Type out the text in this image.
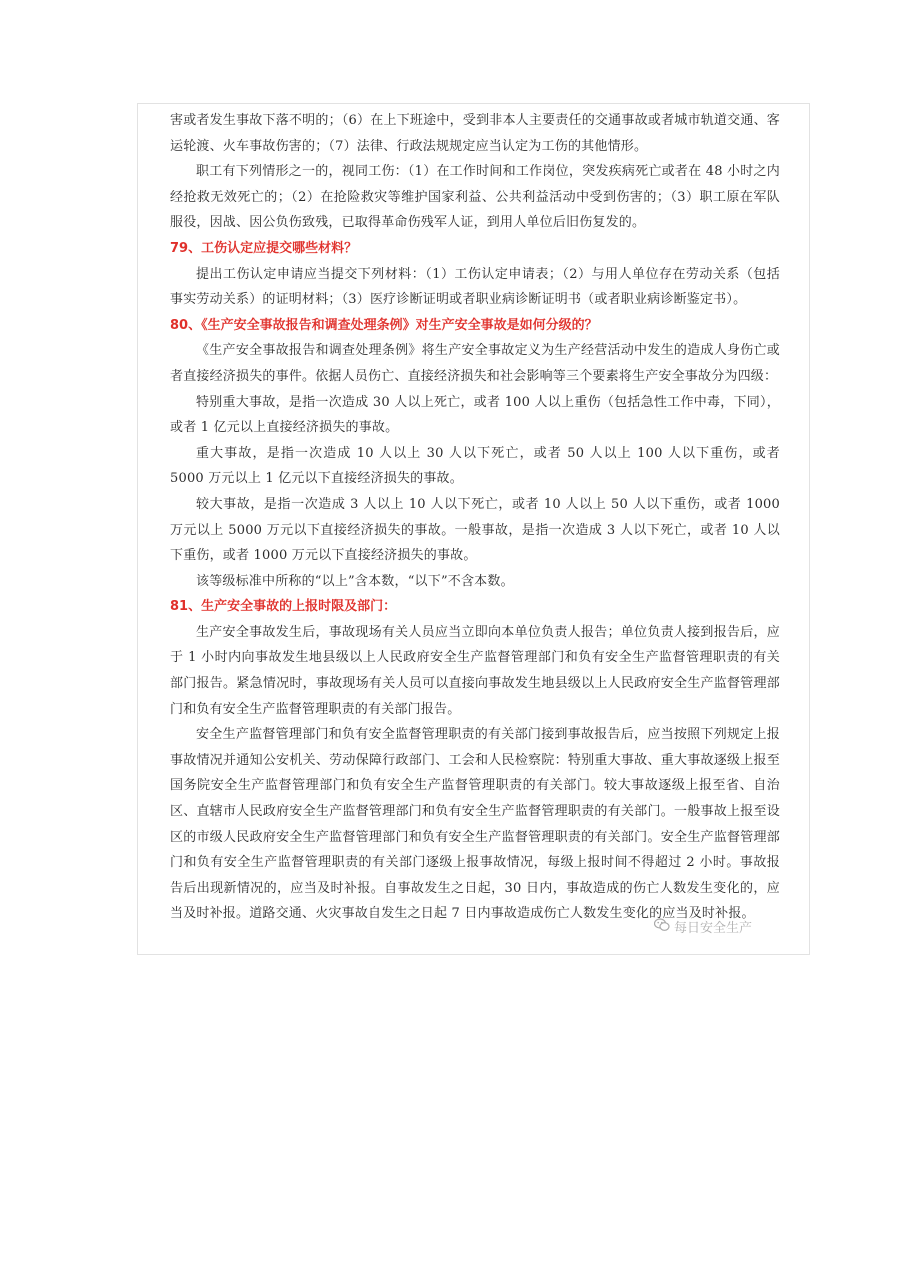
害或者发生事故下落不明的；（6）在上下班途中，受到非本人主要责任的交通事故或者城市轨道交通、客运轮渡、火车事故伤害的；（7）法律、行政法规规定应当认定为工伤的其他情形。

职工有下列情形之一的，视同工伤：（1）在工作时间和工作岗位，突发疾病死亡或者在 48 小时之内经抢救无效死亡的；（2）在抢险救灾等维护国家利益、公共利益活动中受到伤害的；（3）职工原在军队服役，因战、因公负伤致残，已取得革命伤残军人证，到用人单位后旧伤复发的。

79、工伤认定应提交哪些材料？

提出工伤认定申请应当提交下列材料：（1）工伤认定申请表；（2）与用人单位存在劳动关系（包括事实劳动关系）的证明材料；（3）医疗诊断证明或者职业病诊断证明书（或者职业病诊断鉴定书）。

80、《生产安全事故报告和调查处理条例》对生产安全事故是如何分级的？

《生产安全事故报告和调查处理条例》将生产安全事故定义为生产经营活动中发生的造成人身伤亡或者直接经济损失的事件。依据人员伤亡、直接经济损失和社会影响等三个要素将生产安全事故分为四级：

特别重大事故，是指一次造成 30 人以上死亡，或者 100 人以上重伤（包括急性工作中毒，下同），或者 1 亿元以上直接经济损失的事故。

重大事故，是指一次造成 10 人以上 30 人以下死亡，或者 50 人以上 100 人以下重伤，或者 5000 万元以上 1 亿元以下直接经济损失的事故。

较大事故，是指一次造成 3 人以上 10 人以下死亡，或者 10 人以上 50 人以下重伤，或者 1000 万元以上 5000 万元以下直接经济损失的事故。一般事故，是指一次造成 3 人以下死亡，或者 10 人以下重伤，或者 1000 万元以下直接经济损失的事故。

该等级标准中所称的“以上”含本数，“以下”不含本数。

81、生产安全事故的上报时限及部门：

生产安全事故发生后，事故现场有关人员应当立即向本单位负责人报告；单位负责人接到报告后，应于 1 小时内向事故发生地县级以上人民政府安全生产监督管理部门和负有安全生产监督管理职责的有关部门报告。紧急情况时，事故现场有关人员可以直接向事故发生地县级以上人民政府安全生产监督管理部门和负有安全生产监督管理职责的有关部门报告。

安全生产监督管理部门和负有安全监督管理职责的有关部门接到事故报告后，应当按照下列规定上报事故情况并通知公安机关、劳动保障行政部门、工会和人民检察院：特别重大事故、重大事故逐级上报至国务院安全生产监督管理部门和负有安全生产监督管理职责的有关部门。较大事故逐级上报至省、自治区、直辖市人民政府安全生产监督管理部门和负有安全生产监督管理职责的有关部门。一般事故上报至设区的市级人民政府安全生产监督管理部门和负有安全生产监督管理职责的有关部门。安全生产监督管理部门和负有安全生产监督管理职责的有关部门逐级上报事故情况，每级上报时间不得超过 2 小时。事故报告后出现新情况的，应当及时补报。自事故发生之日起，30 日内，事故造成的伤亡人数发生变化的，应当及时补报。道路交通、火灾事故自发生之日起 7 日内事故造成伤亡人数发生变化的应当及时补报。

每日安全生产
